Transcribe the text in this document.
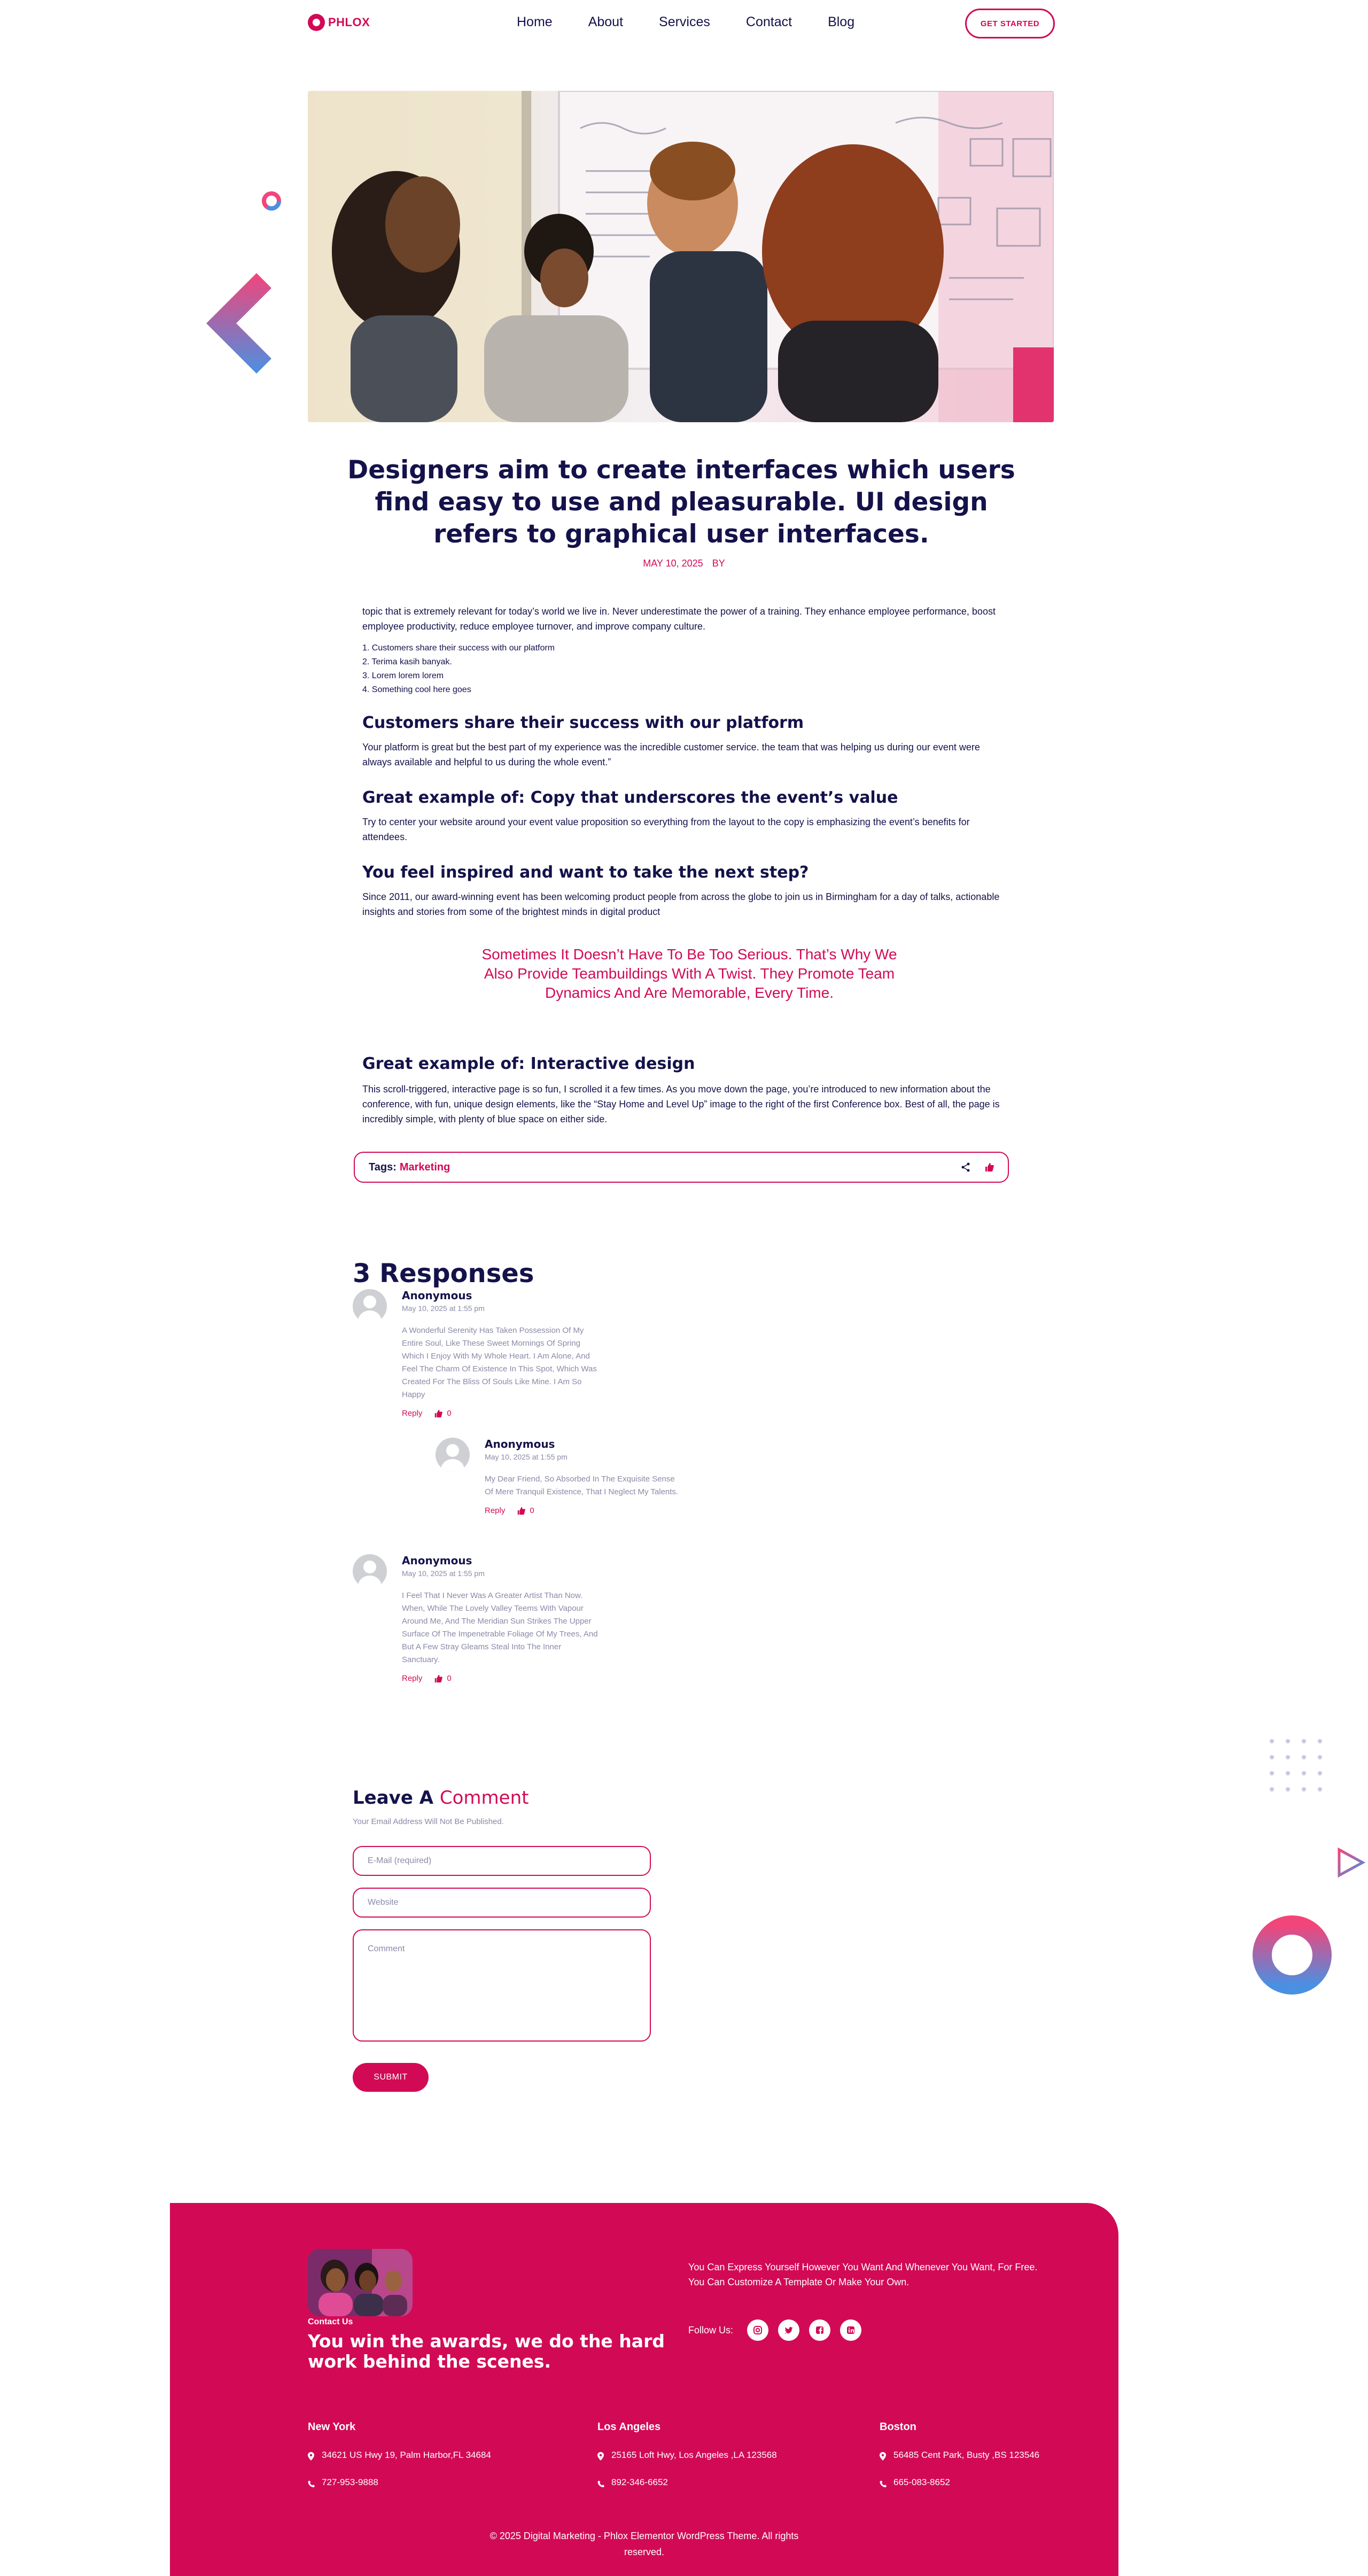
PHLOX	Home	About	Services	Contact	Blog	GET STARTED
Designers aim to create interfaces which users find easy to use and pleasurable. UI design refers to graphical user interfaces.
MAY 10, 2025 BY

topic that is extremely relevant for today’s world we live in. Never underestimate the power of a training. They enhance employee performance, boost employee productivity, reduce employee turnover, and improve company culture.

1. Customers share their success with our platform
2. Terima kasih banyak.
3. Lorem lorem lorem
4. Something cool here goes
Customers share their success with our platform

Your platform is great but the best part of my experience was the incredible customer service. the team that was helping us during our event were always available and helpful to us during the whole event.”

Great example of: Copy that underscores the event’s value

Try to center your website around your event value proposition so everything from the layout to the copy is emphasizing the event’s benefits for attendees.

You feel inspired and want to take the next step?

Since 2011, our award-winning event has been welcoming product people from across the globe to join us in Birmingham for a day of talks, actionable insights and stories from some of the brightest minds in digital product

Sometimes It Doesn’t Have To Be Too Serious. That’s Why We Also Provide Teambuildings With A Twist. They Promote Team Dynamics And Are Memorable, Every Time.
Great example of: Interactive design

This scroll-triggered, interactive page is so fun, I scrolled it a few times. As you move down the page, you’re introduced to new information about the conference, with fun, unique design elements, like the “Stay Home and Level Up” image to the right of the first Conference box. Best of all, the page is incredibly simple, with plenty of blue space on either side.

Tags: Marketing
3 Responses
Anonymous
May 10, 2025 at 1:55 pm
A Wonderful Serenity Has Taken Possession Of My Entire Soul, Like These Sweet Mornings Of Spring Which I Enjoy With My Whole Heart. I Am Alone, And Feel The Charm Of Existence In This Spot, Which Was Created For The Bliss Of Souls Like Mine. I Am So Happy
Reply	0
Anonymous
May 10, 2025 at 1:55 pm
My Dear Friend, So Absorbed In The Exquisite Sense Of Mere Tranquil Existence, That I Neglect My Talents.
Reply	0
Anonymous
May 10, 2025 at 1:55 pm
I Feel That I Never Was A Greater Artist Than Now. When, While The Lovely Valley Teems With Vapour Around Me, And The Meridian Sun Strikes The Upper Surface Of The Impenetrable Foliage Of My Trees, And But A Few Stray Gleams Steal Into The Inner Sanctuary.
Reply	0
Leave A Comment
Your Email Address Will Not Be Published.
E-Mail (required)
Website
Comment
SUBMIT
Contact Us
You win the awards, we do the hard work behind the scenes.
You Can Express Yourself However You Want And Whenever You Want, For Free. You Can Customize A Template Or Make Your Own.
Follow Us:
New York
34621 US Hwy 19, Palm Harbor,FL 34684
727-953-9888
Los Angeles
25165 Loft Hwy, Los Angeles ,LA 123568
892-346-6652
Boston
56485 Cent Park, Busty ,BS 123546
665-083-8652
© 2025 Digital Marketing - Phlox Elementor WordPress Theme. All rights reserved.
